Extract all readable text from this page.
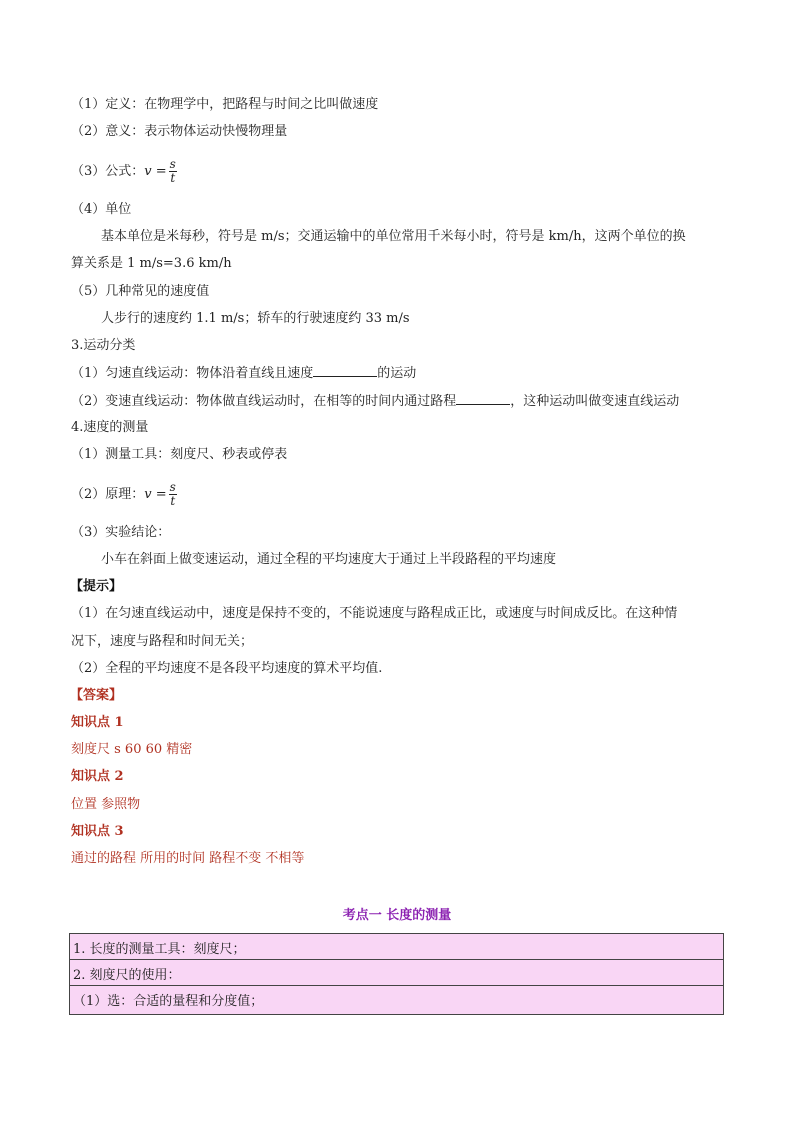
（1）定义：在物理学中，把路程与时间之比叫做速度
（2）意义：表示物体运动快慢物理量
（3）公式：$v = \frac{s}{t}$
（4）单位
基本单位是米每秒，符号是 m/s；交通运输中的单位常用千米每小时，符号是 km/h，这两个单位的换
算关系是 1 m/s=3.6 km/h
（5）几种常见的速度值
人步行的速度约 1.1 m/s；轿车的行驶速度约 33 m/s
3.运动分类
（1）匀速直线运动：物体沿着直线且速度	的运动
（2）变速直线运动：物体做直线运动时，在相等的时间内通过路程	，这种运动叫做变速直线运动
4.速度的测量
（1）测量工具：刻度尺、秒表或停表
（2）原理：$v = \frac{s}{t}$
（3）实验结论：
小车在斜面上做变速运动，通过全程的平均速度大于通过上半段路程的平均速度
【提示】
（1）在匀速直线运动中，速度是保持不变的，不能说速度与路程成正比，或速度与时间成反比。在这种情
况下，速度与路程和时间无关；
（2）全程的平均速度不是各段平均速度的算术平均值.
【答案】
知识点 1
刻度尺 s 60 60 精密
知识点 2
位置 参照物
知识点 3
通过的路程 所用的时间 路程不变 不相等
考点一 长度的测量
1. 长度的测量工具：刻度尺；
2. 刻度尺的使用：
（1）选：合适的量程和分度值；
